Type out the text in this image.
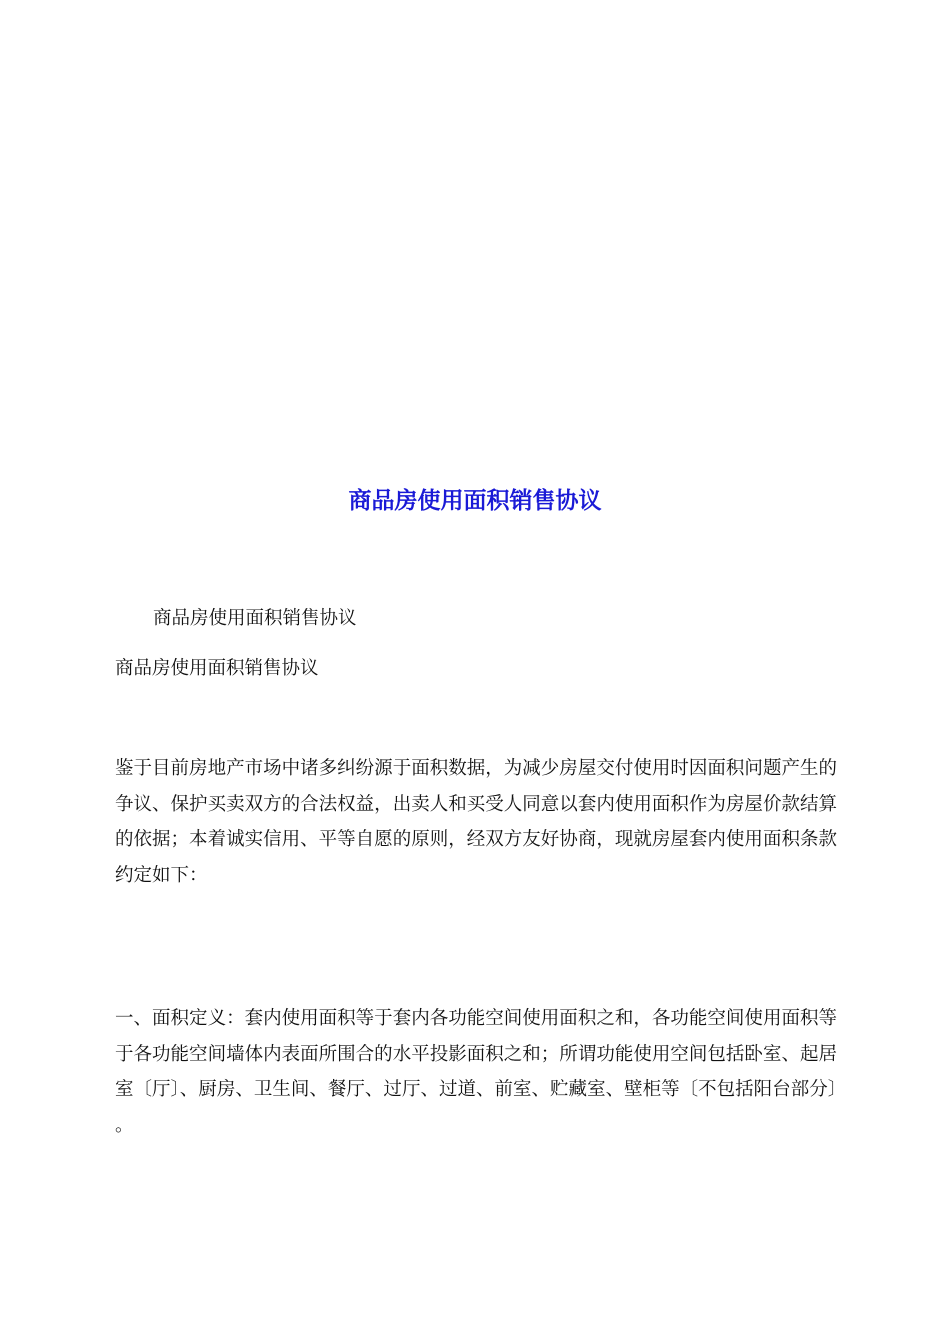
商品房使用面积销售协议

商品房使用面积销售协议

商品房使用面积销售协议

鉴于目前房地产市场中诸多纠纷源于面积数据，为减少房屋交付使用时因面积问题产生的争议、保护买卖双方的合法权益，出卖人和买受人同意以套内使用面积作为房屋价款结算的依据；本着诚实信用、平等自愿的原则，经双方友好协商，现就房屋套内使用面积条款约定如下：

一、面积定义：套内使用面积等于套内各功能空间使用面积之和，各功能空间使用面积等于各功能空间墙体内表面所围合的水平投影面积之和；所谓功能使用空间包括卧室、起居室〔厅〕、厨房、卫生间、餐厅、过厅、过道、前室、贮藏室、壁柜等〔不包括阳台部分〕。
